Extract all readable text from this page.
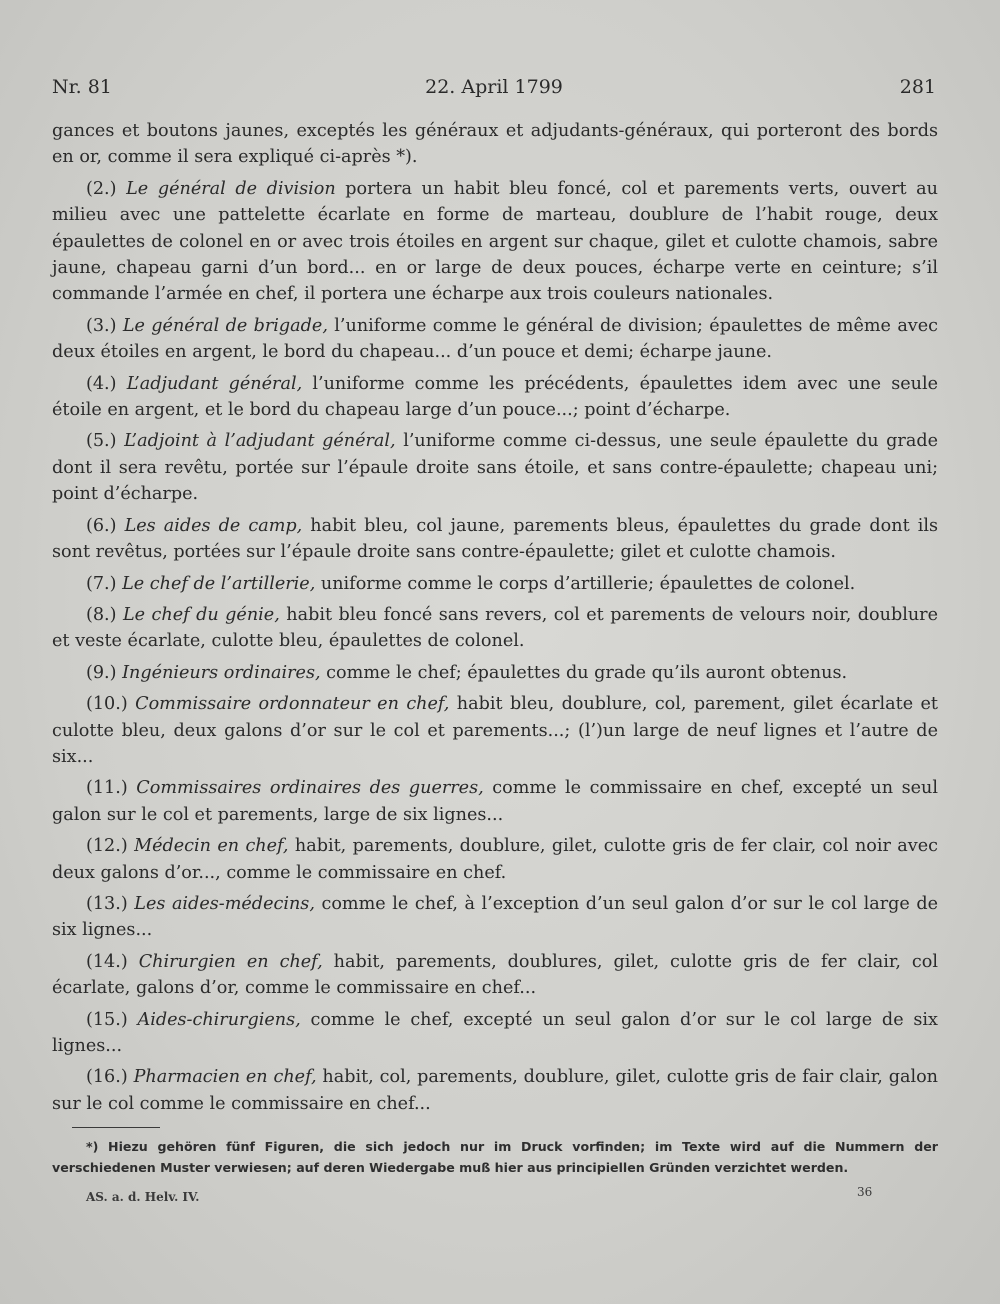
Nr. 81	22. April 1799	281

gances et boutons jaunes, exceptés les généraux et adjudants-généraux, qui porteront des bords en or, comme il sera expliqué ci-après *).

(2.) Le général de division portera un habit bleu foncé, col et parements verts, ouvert au milieu avec une pattelette écarlate en forme de marteau, doublure de l’habit rouge, deux épaulettes de colonel en or avec trois étoiles en argent sur chaque, gilet et culotte chamois, sabre jaune, chapeau garni d’un bord... en or large de deux pouces, écharpe verte en ceinture; s’il commande l’armée en chef, il portera une écharpe aux trois couleurs nationales.

(3.) Le général de brigade, l’uniforme comme le général de division; épaulettes de même avec deux étoiles en argent, le bord du chapeau... d’un pouce et demi; écharpe jaune.

(4.) L’adjudant général, l’uniforme comme les précédents, épaulettes idem avec une seule étoile en argent, et le bord du chapeau large d’un pouce...; point d’écharpe.

(5.) L’adjoint à l’adjudant général, l’uniforme comme ci-dessus, une seule épaulette du grade dont il sera revêtu, portée sur l’épaule droite sans étoile, et sans contre-épaulette; chapeau uni; point d’écharpe.

(6.) Les aides de camp, habit bleu, col jaune, parements bleus, épaulettes du grade dont ils sont revêtus, portées sur l’épaule droite sans contre-épaulette; gilet et culotte chamois.

(7.) Le chef de l’artillerie, uniforme comme le corps d’artillerie; épaulettes de colonel.

(8.) Le chef du génie, habit bleu foncé sans revers, col et parements de velours noir, doublure et veste écarlate, culotte bleu, épaulettes de colonel.

(9.) Ingénieurs ordinaires, comme le chef; épaulettes du grade qu’ils auront obtenus.

(10.) Commissaire ordonnateur en chef, habit bleu, doublure, col, parement, gilet écarlate et culotte bleu, deux galons d’or sur le col et parements...; (l’)un large de neuf lignes et l’autre de six...

(11.) Commissaires ordinaires des guerres, comme le commissaire en chef, excepté un seul galon sur le col et parements, large de six lignes...

(12.) Médecin en chef, habit, parements, doublure, gilet, culotte gris de fer clair, col noir avec deux galons d’or..., comme le commissaire en chef.

(13.) Les aides-médecins, comme le chef, à l’exception d’un seul galon d’or sur le col large de six lignes...

(14.) Chirurgien en chef, habit, parements, doublures, gilet, culotte gris de fer clair, col écarlate, galons d’or, comme le commissaire en chef...

(15.) Aides-chirurgiens, comme le chef, excepté un seul galon d’or sur le col large de six lignes...

(16.) Pharmacien en chef, habit, col, parements, doublure, gilet, culotte gris de fair clair, galon sur le col comme le commissaire en chef...

*) Hiezu gehören fünf Figuren, die sich jedoch nur im Druck vorfinden; im Texte wird auf die Nummern der verschiedenen Muster verwiesen; auf deren Wiedergabe muß hier aus principiellen Gründen verzichtet werden.
AS. a. d. Helv. IV.	36
